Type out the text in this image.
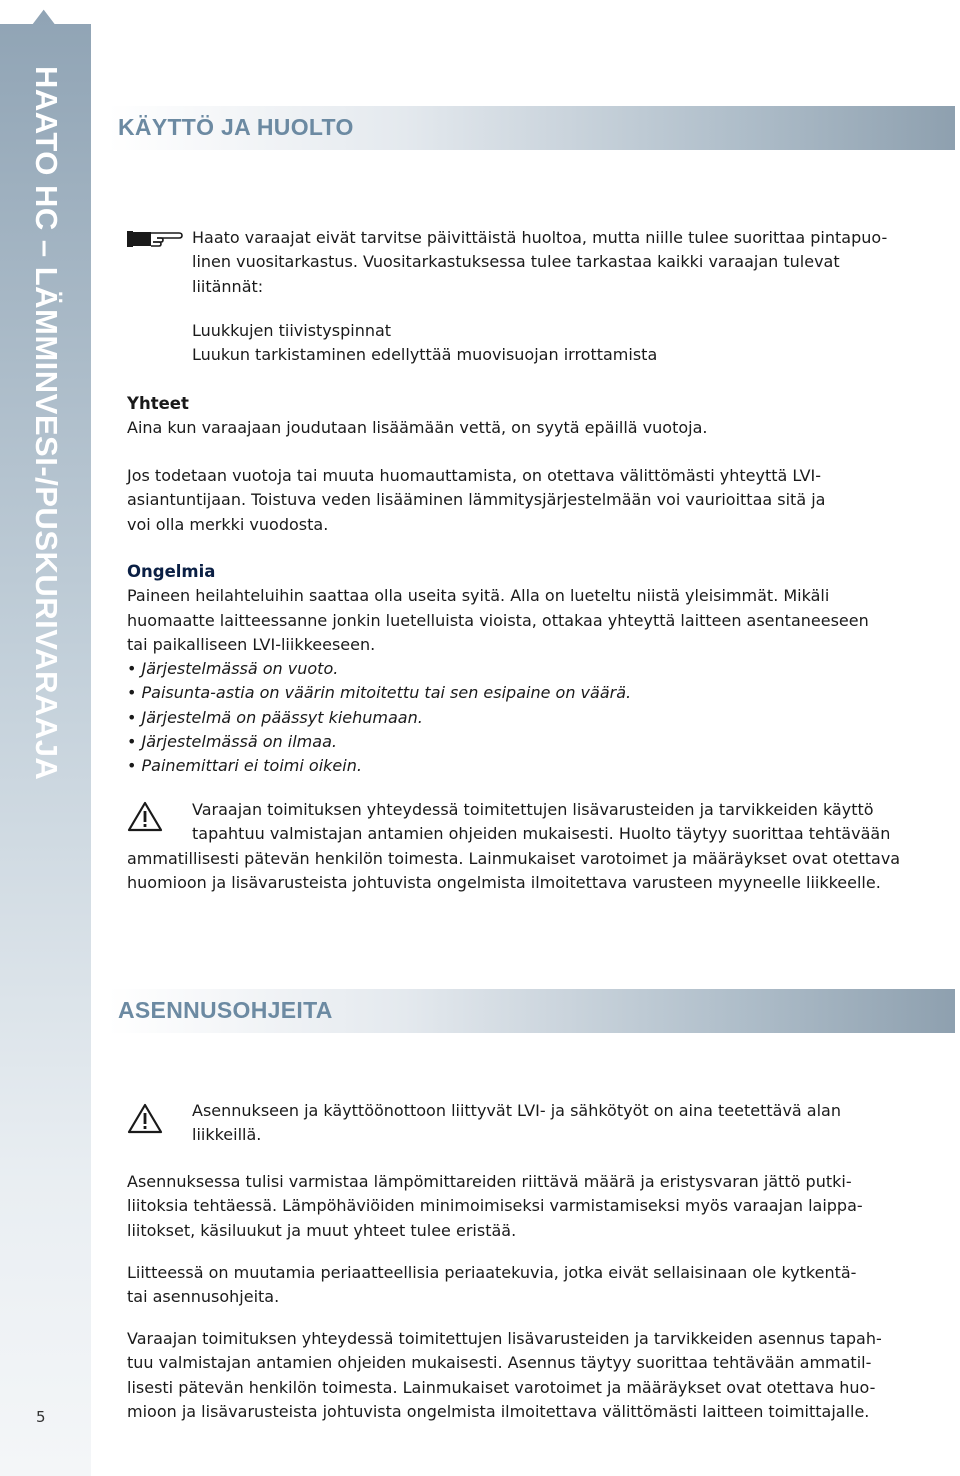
HAATO HC – LÄMMINVESI-/PUSKURIVARAAJA
5
KÄYTTÖ JA HUOLTO
Haato varaajat eivät tarvitse päivittäistä huoltoa, mutta niille tulee suorittaa pintapuo-
linen vuositarkastus. Vuositarkastuksessa tulee tarkastaa kaikki varaajan tulevat
liitännät:
Luukkujen tiivistyspinnat
Luukun tarkistaminen edellyttää muovisuojan irrottamista
Yhteet
Aina kun varaajaan joudutaan lisäämään vettä, on syytä epäillä vuotoja.
Jos todetaan vuotoja tai muuta huomauttamista, on otettava välittömästi yhteyttä LVI-
asiantuntijaan. Toistuva veden lisääminen lämmitysjärjestelmään voi vaurioittaa sitä ja
voi olla merkki vuodosta.
Ongelmia
Paineen heilahteluihin saattaa olla useita syitä. Alla on lueteltu niistä yleisimmät. Mikäli
huomaatte laitteessanne jonkin luetelluista vioista, ottakaa yhteyttä laitteen asentaneeseen
tai paikalliseen LVI-liikkeeseen.
• Järjestelmässä on vuoto.
• Paisunta-astia on väärin mitoitettu tai sen esipaine on väärä.
• Järjestelmä on päässyt kiehumaan.
• Järjestelmässä on ilmaa.
• Painemittari ei toimi oikein.
Varaajan toimituksen yhteydessä toimitettujen lisävarusteiden ja tarvikkeiden käyttö
tapahtuu valmistajan antamien ohjeiden mukaisesti. Huolto täytyy suorittaa tehtävään
ammatillisesti pätevän henkilön toimesta. Lainmukaiset varotoimet ja määräykset ovat otettava
huomioon ja lisävarusteista johtuvista ongelmista ilmoitettava varusteen myyneelle liikkeelle.
ASENNUSOHJEITA
Asennukseen ja käyttöönottoon liittyvät LVI- ja sähkötyöt on aina teetettävä alan
liikkeillä.
Asennuksessa tulisi varmistaa lämpömittareiden riittävä määrä ja eristysvaran jättö putki-
liitoksia tehtäessä. Lämpöhäviöiden minimoimiseksi varmistamiseksi myös varaajan laippa-
liitokset, käsiluukut ja muut yhteet tulee eristää.
Liitteessä on muutamia periaatteellisia periaatekuvia, jotka eivät sellaisinaan ole kytkentä-
tai asennusohjeita.
Varaajan toimituksen yhteydessä toimitettujen lisävarusteiden ja tarvikkeiden asennus tapah-
tuu valmistajan antamien ohjeiden mukaisesti. Asennus täytyy suorittaa tehtävään ammatil-
lisesti pätevän henkilön toimesta. Lainmukaiset varotoimet ja määräykset ovat otettava huo-
mioon ja lisävarusteista johtuvista ongelmista ilmoitettava välittömästi laitteen toimittajalle.
